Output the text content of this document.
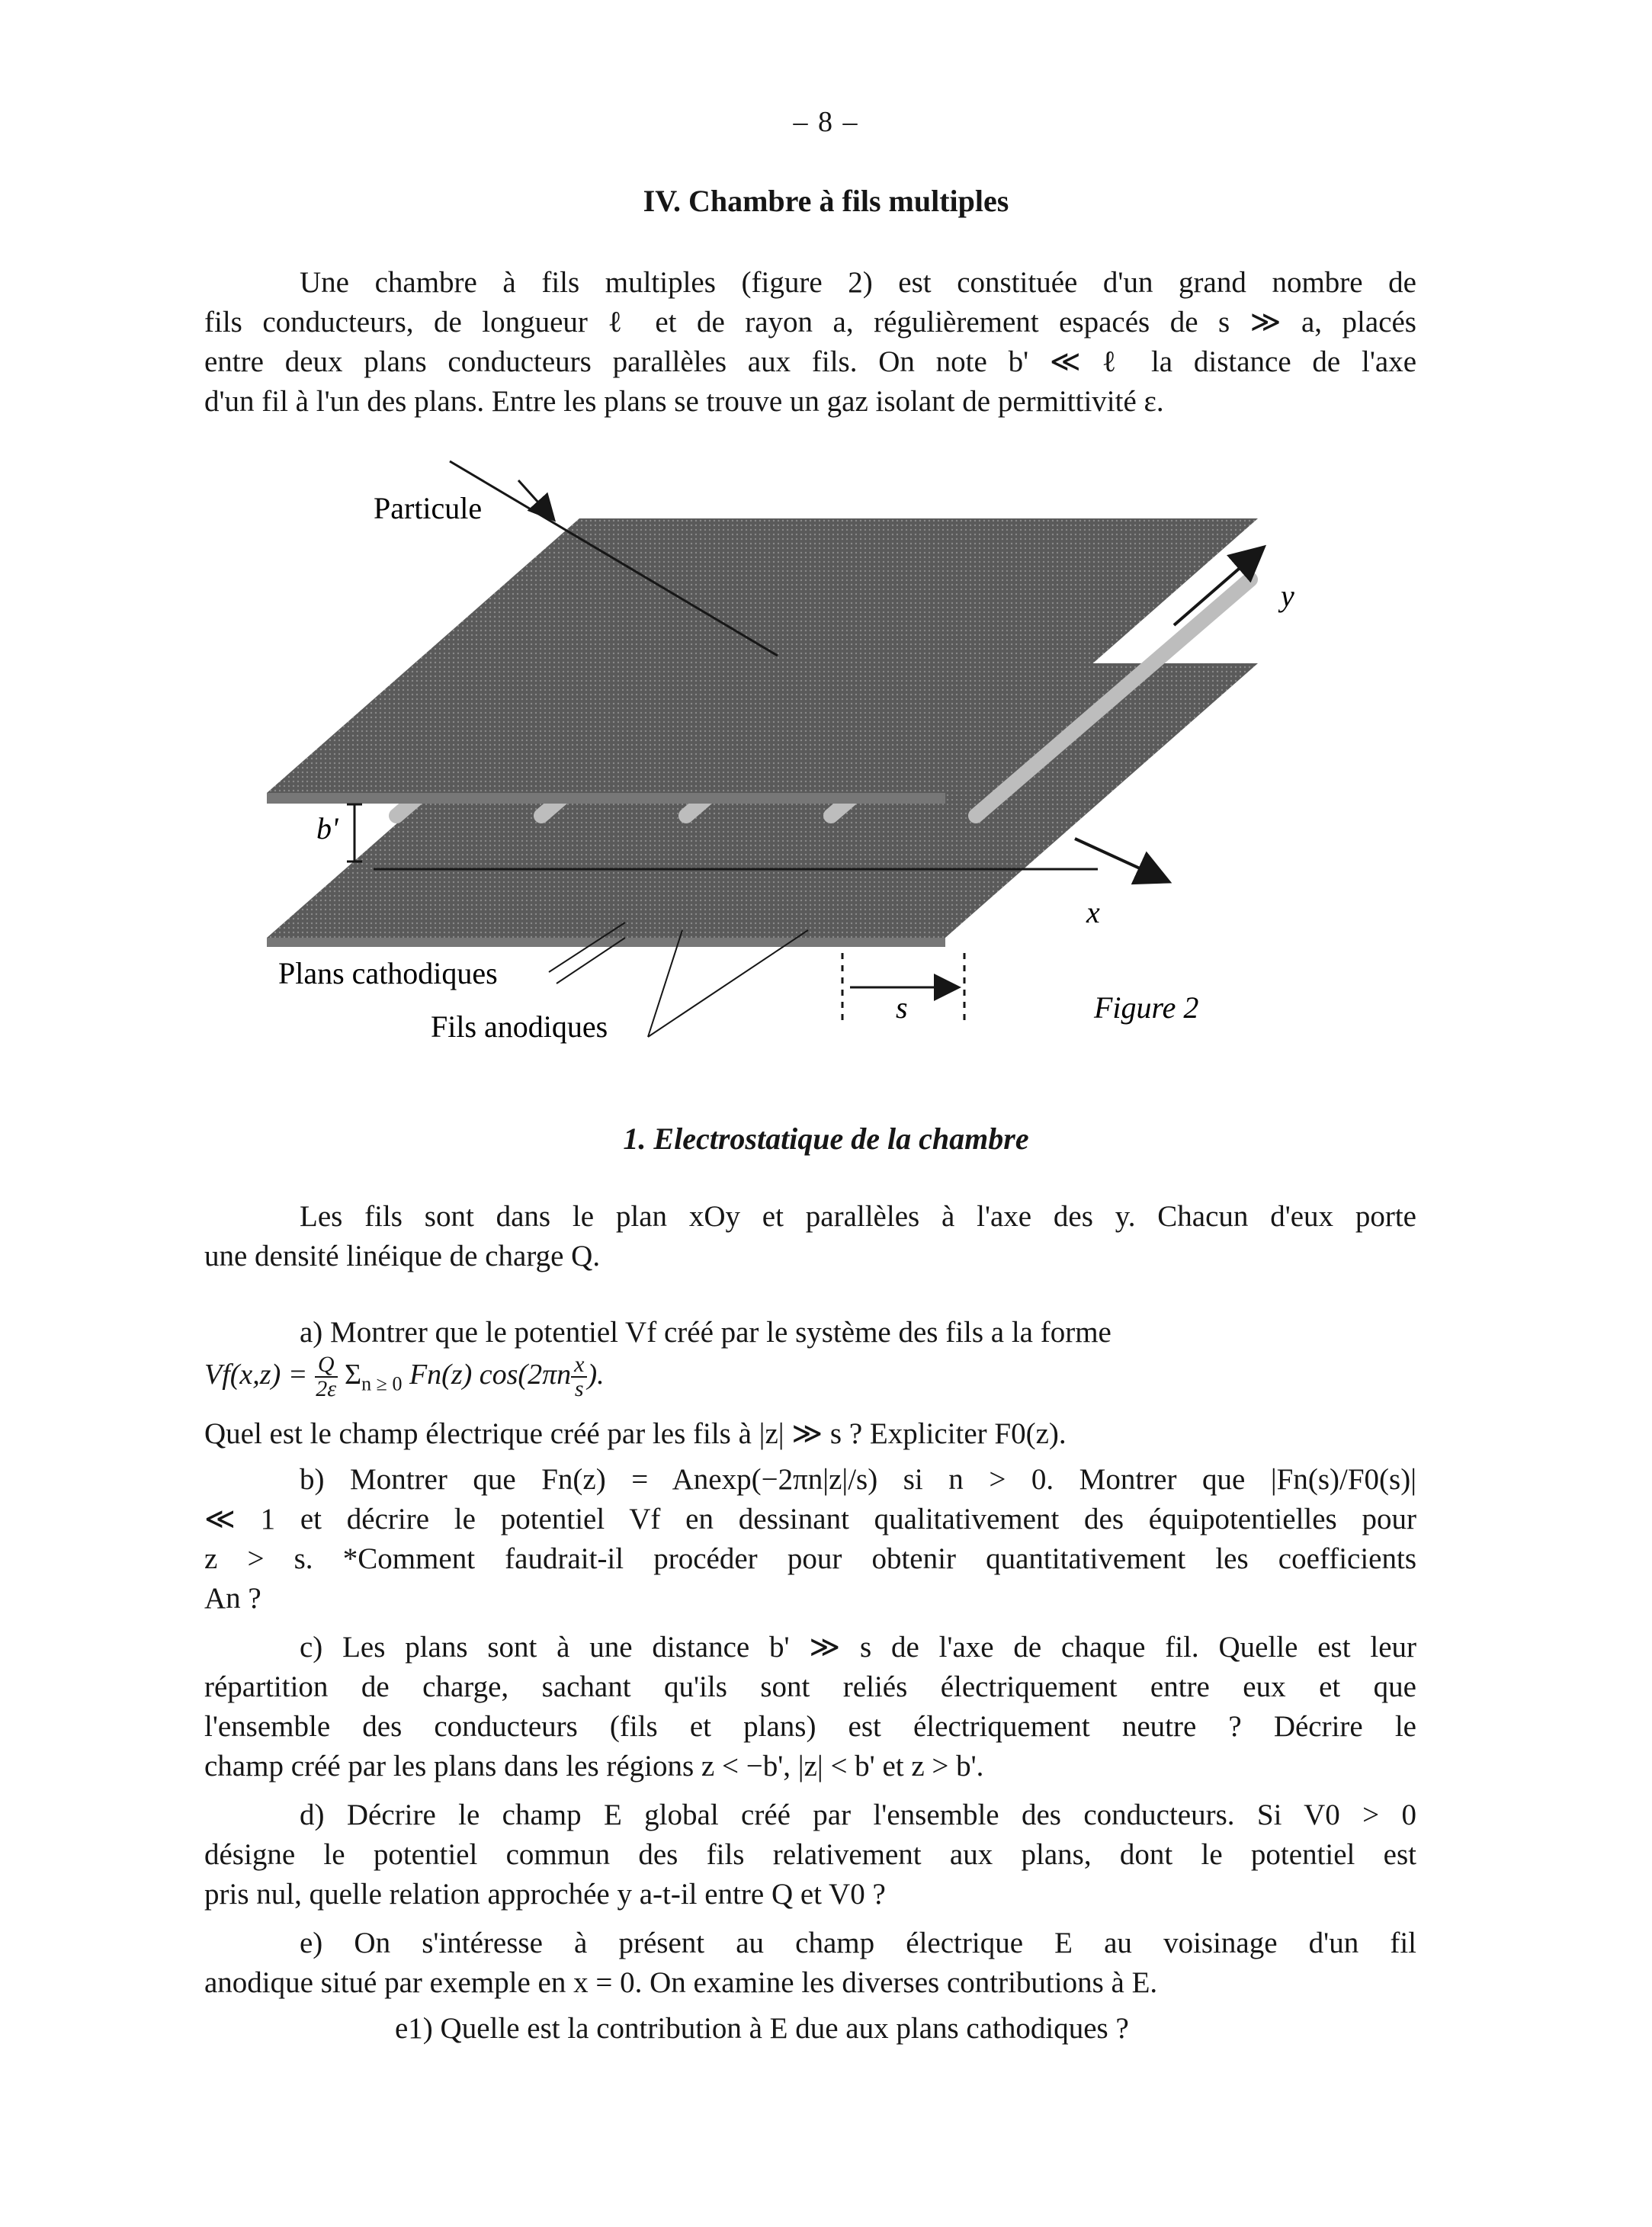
– 8 –
IV. Chambre à fils multiples

Une chambre à fils multiples (figure 2) est constituée d'un grand nombre de

fils conducteurs, de longueur ℓ et de rayon a, régulièrement espacés de s ≫ a, placés

entre deux plans conducteurs parallèles aux fils. On note b' ≪ ℓ la distance de l'axe

d'un fil à l'un des plans. Entre les plans se trouve un gaz isolant de permittivité ε.

Particule
y
b'
x
Plans cathodiques
Fils anodiques
s	Figure 2
1. Electrostatique de la chambre

Les fils sont dans le plan xOy et parallèles à l'axe des y. Chacun d'eux porte

une densité linéique de charge Q.

a) Montrer que le potentiel Vf créé par le système des fils a la forme

$Vf(x,z) = \frac{Q}{2\varepsilon} \Sigma_{n \ge 0}$ Fn(z) $\cos(2\pi n \frac{x}{s}$ ).

Quel est le champ électrique créé par les fils à |z| ≫ s ? Expliciter F0(z).

b) Montrer que Fn(z) = Anexp(−2πn|z|/s) si n > 0. Montrer que |Fn(s)/F0(s)|

≪ 1 et décrire le potentiel Vf en dessinant qualitativement des équipotentielles pour

z > s. *Comment faudrait-il procéder pour obtenir quantitativement les coefficients

An ?

c) Les plans sont à une distance b' ≫ s de l'axe de chaque fil. Quelle est leur

répartition de charge, sachant qu'ils sont reliés électriquement entre eux et que

l'ensemble des conducteurs (fils et plans) est électriquement neutre ? Décrire le

champ créé par les plans dans les régions z < −b', |z| < b' et z > b'.

d) Décrire le champ E global créé par l'ensemble des conducteurs. Si V0 > 0

désigne le potentiel commun des fils relativement aux plans, dont le potentiel est

pris nul, quelle relation approchée y a-t-il entre Q et V0 ?

e) On s'intéresse à présent au champ électrique E au voisinage d'un fil

anodique situé par exemple en x = 0. On examine les diverses contributions à E.

e1) Quelle est la contribution à E due aux plans cathodiques ?
